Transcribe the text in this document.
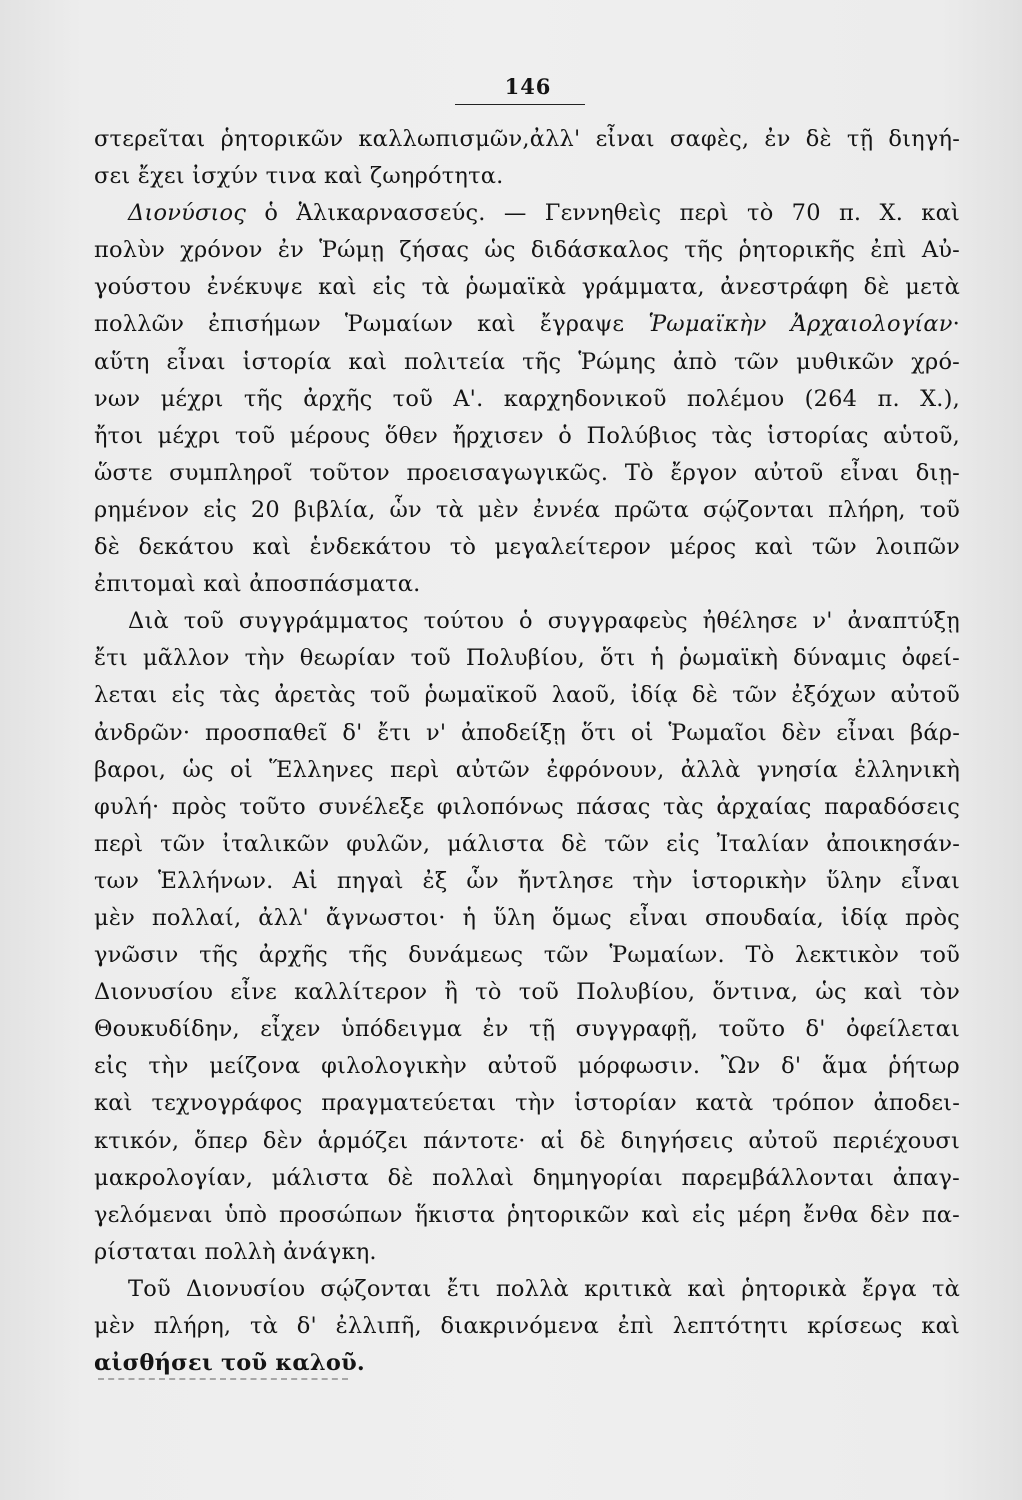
146
στερεῖται ῥητορικῶν καλλωπισμῶν,ἀλλ' εἶναι σαφὲς, ἐν δὲ τῇ διηγή-
σει ἔχει ἰσχύν τινα καὶ ζωηρότητα.
Διονύσιος ὁ Ἁλικαρνασσεύς. — Γεννηθεὶς περὶ τὸ 70 π. Χ. καὶ
πολὺν χρόνον ἐν Ῥώμῃ ζήσας ὡς διδάσκαλος τῆς ῥητορικῆς ἐπὶ Αὐ-
γούστου ἐνέκυψε καὶ εἰς τὰ ῥωμαϊκὰ γράμματα, ἀνεστράφη δὲ μετὰ
πολλῶν ἐπισήμων Ῥωμαίων καὶ ἔγραψε Ῥωμαϊκὴν Ἀρχαιολογίαν·
αὕτη εἶναι ἱστορία καὶ πολιτεία τῆς Ῥώμης ἀπὸ τῶν μυθικῶν χρό-
νων μέχρι τῆς ἀρχῆς τοῦ Α'. καρχηδονικοῦ πολέμου (264 π. Χ.),
ἤτοι μέχρι τοῦ μέρους ὅθεν ἤρχισεν ὁ Πολύβιος τὰς ἱστορίας αὑτοῦ,
ὥστε συμπληροῖ τοῦτον προεισαγωγικῶς. Τὸ ἔργον αὐτοῦ εἶναι διῃ-
ρημένον εἰς 20 βιβλία, ὧν τὰ μὲν ἐννέα πρῶτα σῴζονται πλήρη, τοῦ
δὲ δεκάτου καὶ ἑνδεκάτου τὸ μεγαλείτερον μέρος καὶ τῶν λοιπῶν
ἐπιτομαὶ καὶ ἀποσπάσματα.
Διὰ τοῦ συγγράμματος τούτου ὁ συγγραφεὺς ἠθέλησε ν' ἀναπτύξῃ
ἔτι μᾶλλον τὴν θεωρίαν τοῦ Πολυβίου, ὅτι ἡ ῥωμαϊκὴ δύναμις ὀφεί-
λεται εἰς τὰς ἀρετὰς τοῦ ῥωμαϊκοῦ λαοῦ, ἰδίᾳ δὲ τῶν ἐξόχων αὐτοῦ
ἀνδρῶν· προσπαθεῖ δ' ἔτι ν' ἀποδείξῃ ὅτι οἱ Ῥωμαῖοι δὲν εἶναι βάρ-
βαροι, ὡς οἱ Ἕλληνες περὶ αὐτῶν ἐφρόνουν, ἀλλὰ γνησία ἑλληνικὴ
φυλή· πρὸς τοῦτο συνέλεξε φιλοπόνως πάσας τὰς ἀρχαίας παραδόσεις
περὶ τῶν ἰταλικῶν φυλῶν, μάλιστα δὲ τῶν εἰς Ἰταλίαν ἀποικησάν-
των Ἑλλήνων. Αἱ πηγαὶ ἐξ ὧν ἤντλησε τὴν ἱστορικὴν ὕλην εἶναι
μὲν πολλαί, ἀλλ' ἄγνωστοι· ἡ ὕλη ὅμως εἶναι σπουδαία, ἰδίᾳ πρὸς
γνῶσιν τῆς ἀρχῆς τῆς δυνάμεως τῶν Ῥωμαίων. Τὸ λεκτικὸν τοῦ
Διονυσίου εἶνε καλλίτερον ἢ τὸ τοῦ Πολυβίου, ὅντινα, ὡς καὶ τὸν
Θουκυδίδην, εἶχεν ὑπόδειγμα ἐν τῇ συγγραφῇ, τοῦτο δ' ὀφείλεται
εἰς τὴν μείζονα φιλολογικὴν αὐτοῦ μόρφωσιν. Ὢν δ' ἅμα ῥήτωρ
καὶ τεχνογράφος πραγματεύεται τὴν ἱστορίαν κατὰ τρόπον ἀποδει-
κτικόν, ὅπερ δὲν ἁρμόζει πάντοτε· αἱ δὲ διηγήσεις αὐτοῦ περιέχουσι
μακρολογίαν, μάλιστα δὲ πολλαὶ δημηγορίαι παρεμβάλλονται ἀπαγ-
γελόμεναι ὑπὸ προσώπων ἥκιστα ῥητορικῶν καὶ εἰς μέρη ἔνθα δὲν πα-
ρίσταται πολλὴ ἀνάγκη.
Τοῦ Διονυσίου σῴζονται ἔτι πολλὰ κριτικὰ καὶ ῥητορικὰ ἔργα τὰ
μὲν πλήρη, τὰ δ' ἐλλιπῆ, διακρινόμενα ἐπὶ λεπτότητι κρίσεως καὶ
αἰσθήσει τοῦ καλοῦ.
